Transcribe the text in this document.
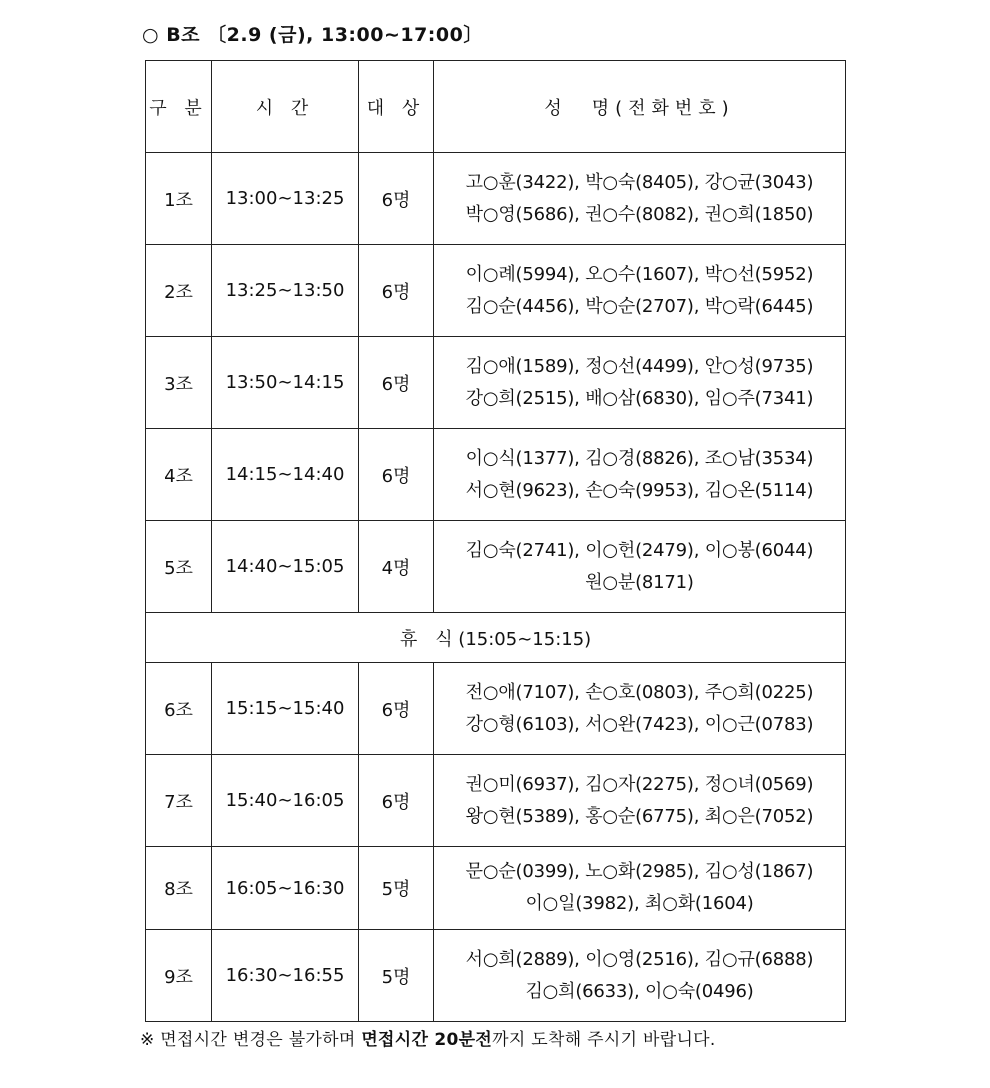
○ B조 〔2.9 (금), 13:00∼17:00〕
구 분	시 간	대 상	성　명(전화번호)
1조	13:00∼13:25	6명	고○훈(3422), 박○숙(8405), 강○균(3043)
박○영(5686), 권○수(8082), 권○희(1850)

2조	13:25∼13:50	6명	이○례(5994), 오○수(1607), 박○선(5952)
김○순(4456), 박○순(2707), 박○락(6445)

3조	13:50∼14:15	6명	김○애(1589), 정○선(4499), 안○성(9735)
강○희(2515), 배○삼(6830), 임○주(7341)

4조	14:15∼14:40	6명	이○식(1377), 김○경(8826), 조○남(3534)
서○현(9623), 손○숙(9953), 김○온(5114)

5조	14:40∼15:05	4명	김○숙(2741), 이○헌(2479), 이○봉(6044)
원○분(8171)

휴　식 (15:05∼15:15)			
6조	15:15∼15:40	6명	전○애(7107), 손○호(0803), 주○희(0225)
강○형(6103), 서○완(7423), 이○근(0783)

7조	15:40∼16:05	6명	권○미(6937), 김○자(2275), 정○녀(0569)
왕○현(5389), 홍○순(6775), 최○은(7052)

8조	16:05∼16:30	5명	문○순(0399), 노○화(2985), 김○성(1867)
이○일(3982), 최○화(1604)

9조	16:30∼16:55	5명	서○희(2889), 이○영(2516), 김○규(6888)
김○희(6633), 이○숙(0496)
※ 면접시간 변경은 불가하며 면접시간 20분전까지 도착해 주시기 바랍니다.
